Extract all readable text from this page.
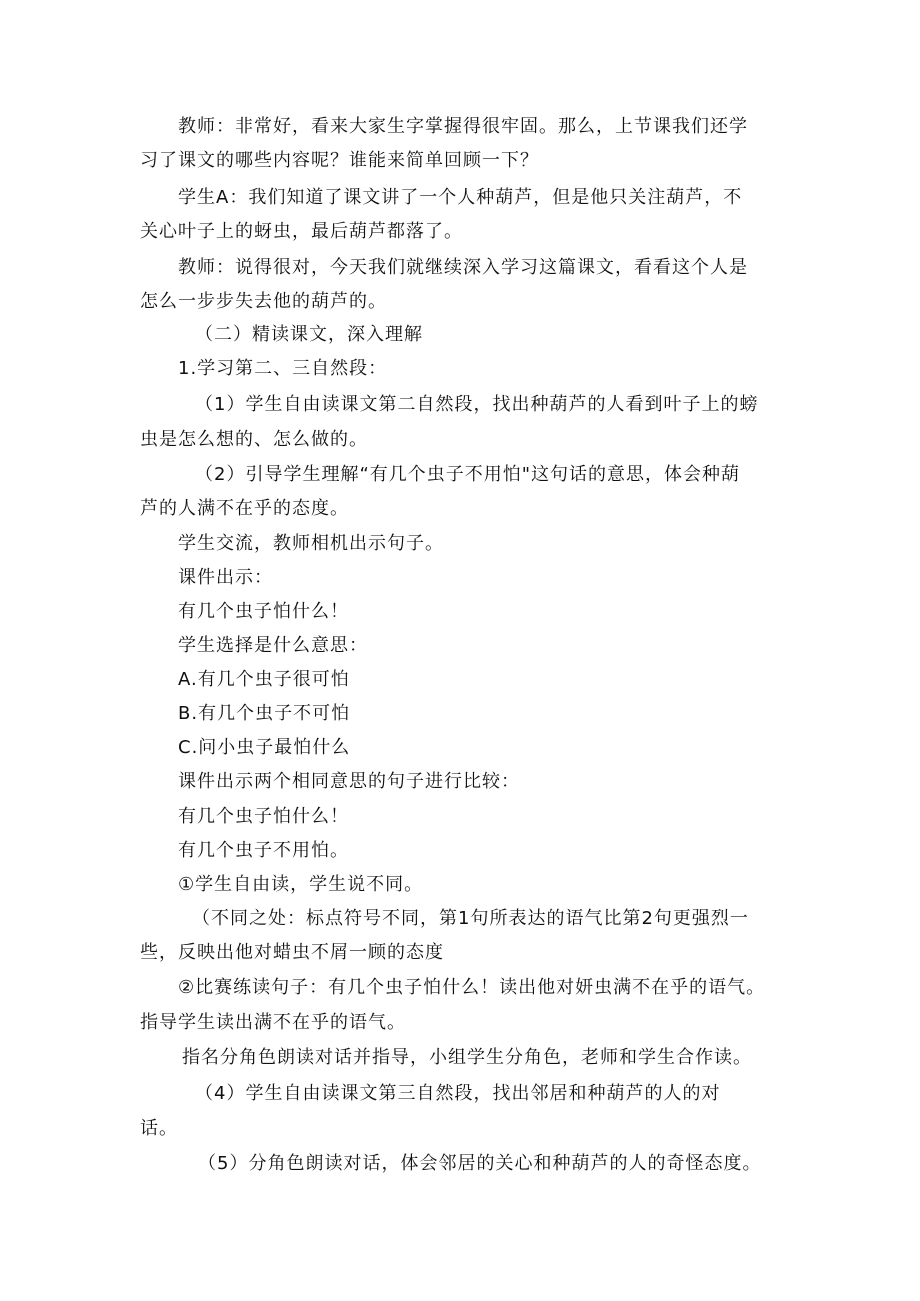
教师：非常好，看来大家生字掌握得很牢固。那么，上节课我们还学
习了课文的哪些内容呢？谁能来简单回顾一下？
学生A：我们知道了课文讲了一个人种葫芦，但是他只关注葫芦，不
关心叶子上的蚜虫，最后葫芦都落了。
教师：说得很对，今天我们就继续深入学习这篇课文，看看这个人是
怎么一步步失去他的葫芦的。
（二）精读课文，深入理解
1.学习第二、三自然段：
（1）学生自由读课文第二自然段，找出种葫芦的人看到叶子上的螃
虫是怎么想的、怎么做的。
（2）引导学生理解“有几个虫子不用怕"这句话的意思，体会种葫
芦的人满不在乎的态度。
学生交流，教师相机出示句子。
课件出示：
有几个虫子怕什么！
学生选择是什么意思：
A.有几个虫子很可怕
B.有几个虫子不可怕
C.问小虫子最怕什么
课件出示两个相同意思的句子进行比较：
有几个虫子怕什么！
有几个虫子不用怕。
①学生自由读，学生说不同。
（不同之处：标点符号不同，第1句所表达的语气比第2句更强烈一
些，反映出他对蜡虫不屑一顾的态度
②比赛练读句子：有几个虫子怕什么！读出他对妍虫满不在乎的语气。
指导学生读出满不在乎的语气。
指名分角色朗读对话并指导，小组学生分角色，老师和学生合作读。
（4）学生自由读课文第三自然段，找出邻居和种葫芦的人的对
话。
（5）分角色朗读对话，体会邻居的关心和种葫芦的人的奇怪态度。
